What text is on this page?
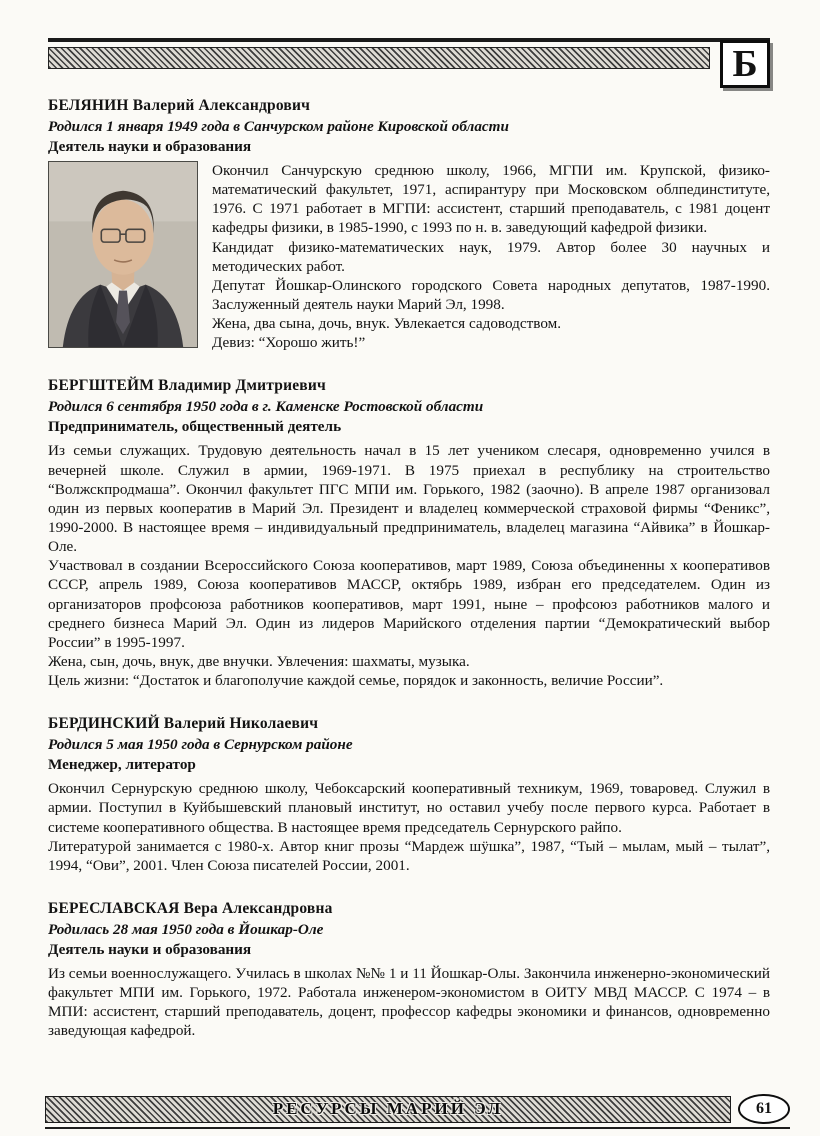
Б
БЕЛЯНИН Валерий Александрович

Родился 1 января 1949 года в Санчурском районе Кировской области

Деятель науки и образования

Окончил Санчурскую среднюю школу, 1966, МГПИ им. Крупской, физико-математический факультет, 1971, аспирантуру при Московском облпединституте, 1976. С 1971 работает в МГПИ: ассистент, старший преподаватель, с 1981 доцент кафедры физики, в 1985-1990, с 1993 по н. в. заведующий кафедрой физики.

Кандидат физико-математических наук, 1979. Автор более 30 научных и методических работ.

Депутат Йошкар-Олинского городского Совета народных депутатов, 1987-1990. Заслуженный деятель науки Марий Эл, 1998.

Жена, два сына, дочь, внук. Увлекается садоводством.

Девиз: “Хорошо жить!”

БЕРГШТЕЙМ Владимир Дмитриевич

Родился 6 сентября 1950 года в г. Каменске Ростовской области

Предприниматель, общественный деятель

Из семьи служащих. Трудовую деятельность начал в 15 лет учеником слесаря, одновременно учился в вечерней школе. Служил в армии, 1969-1971. В 1975 приехал в республику на строительство “Волжскпродмаша”. Окончил факультет ПГС МПИ им. Горького, 1982 (заочно). В апреле 1987 организовал один из первых кооператив в Марий Эл. Президент и владелец коммерческой страховой фирмы “Феникс”, 1990-2000. В настоящее время – индивидуальный предприниматель, владелец магазина “Айвика” в Йошкар-Оле.

Участвовал в создании Всероссийского Союза кооперативов, март 1989, Союза объединенны х кооперативов СССР, апрель 1989, Союза кооперативов МАССР, октябрь 1989, избран его председателем. Один из организаторов профсоюза работников кооперативов, март 1991, ныне – профсоюз работников малого и среднего бизнеса Марий Эл. Один из лидеров Марийского отделения партии “Демократический выбор России” в 1995-1997.

Жена, сын, дочь, внук, две внучки. Увлечения: шахматы, музыка.

Цель жизни: “Достаток и благополучие каждой семье, порядок и законность, величие России”.

БЕРДИНСКИЙ Валерий Николаевич

Родился 5 мая 1950 года в Сернурском районе

Менеджер, литератор

Окончил Сернурскую среднюю школу, Чебоксарский кооперативный техникум, 1969, товаровед. Служил в армии. Поступил в Куйбышевский плановый институт, но оставил учебу после первого курса. Работает в системе кооперативного общества. В настоящее время председатель Сернурского райпо.

Литературой занимается с 1980-х. Автор книг прозы “Мардеж шӱшка”, 1987, “Тый – мылам, мый – тылат”, 1994, “Ови”, 2001. Член Союза писателей России, 2001.

БЕРЕСЛАВСКАЯ Вера Александровна

Родилась 28 мая 1950 года в Йошкар-Оле

Деятель науки и образования

Из семьи военнослужащего. Училась в школах №№ 1 и 11 Йошкар-Олы. Закончила инженерно-экономический факультет МПИ им. Горького, 1972. Работала инженером-экономистом в ОИТУ МВД МАССР. С 1974 – в МПИ: ассистент, старший преподаватель, доцент, профессор кафедры экономики и финансов, одновременно заведующая кафедрой.

РЕСУРСЫ МАРИЙ ЭЛ	61
